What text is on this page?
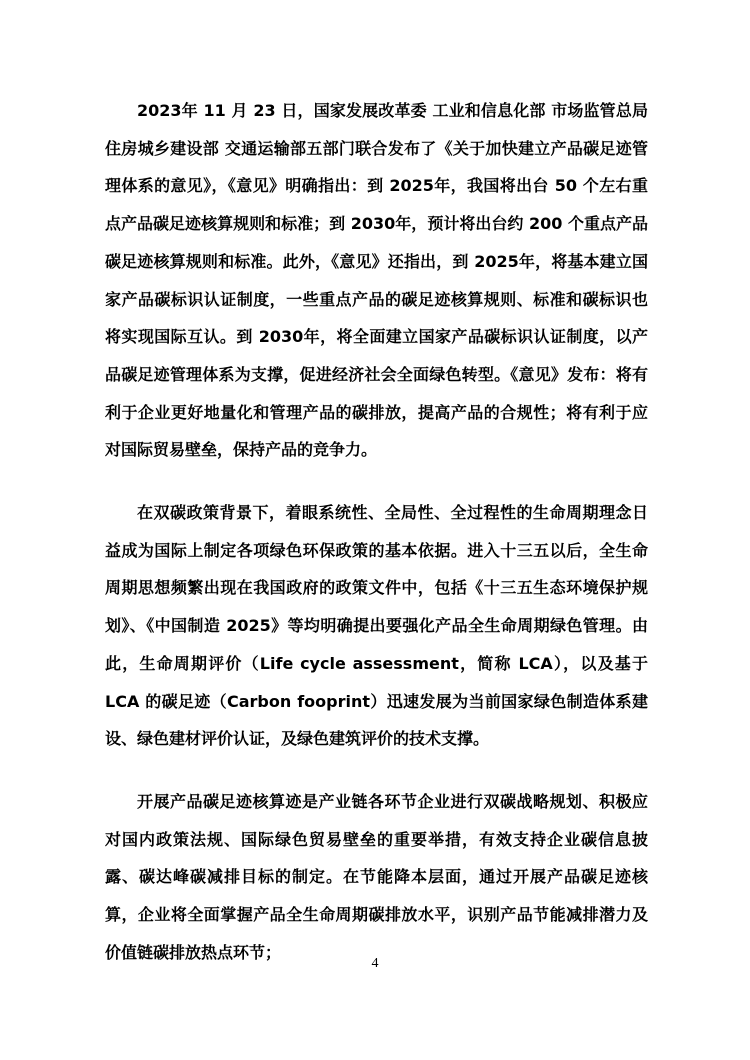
2023年 11 月 23 日，国家发展改革委 工业和信息化部 市场监管总局 住房城乡建设部 交通运输部五部门联合发布了《关于加快建立产品碳足迹管理体系的意见》，《意见》明确指出：到 2025年，我国将出台 50 个左右重点产品碳足迹核算规则和标准；到 2030年，预计将出台约 200 个重点产品碳足迹核算规则和标准。此外，《意见》还指出，到 2025年，将基本建立国家产品碳标识认证制度，一些重点产品的碳足迹核算规则、标准和碳标识也将实现国际互认。到 2030年，将全面建立国家产品碳标识认证制度，以产品碳足迹管理体系为支撑，促进经济社会全面绿色转型。《意见》发布：将有利于企业更好地量化和管理产品的碳排放，提高产品的合规性；将有利于应对国际贸易壁垒，保持产品的竞争力。

在双碳政策背景下，着眼系统性、全局性、全过程性的生命周期理念日益成为国际上制定各项绿色环保政策的基本依据。进入十三五以后，全生命周期思想频繁出现在我国政府的政策文件中，包括《十三五生态环境保护规划》、《中国制造 2025》等均明确提出要强化产品全生命周期绿色管理。由此，生命周期评价（Life cycle assessment，简称 LCA），以及基于 LCA 的碳足迹（Carbon fooprint）迅速发展为当前国家绿色制造体系建设、绿色建材评价认证，及绿色建筑评价的技术支撑。

开展产品碳足迹核算迹是产业链各环节企业进行双碳战略规划、积极应对国内政策法规、国际绿色贸易壁垒的重要举措，有效支持企业碳信息披露、碳达峰碳减排目标的制定。在节能降本层面，通过开展产品碳足迹核算，企业将全面掌握产品全生命周期碳排放水平，识别产品节能减排潜力及价值链碳排放热点环节；

4
